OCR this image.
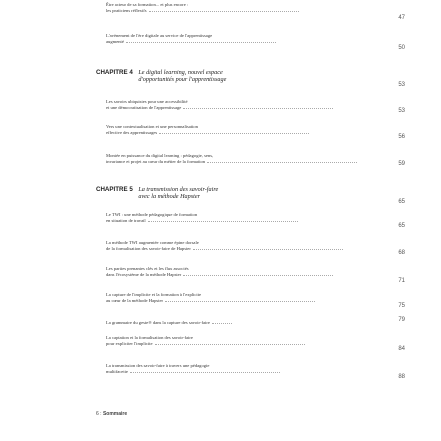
Être acteur de sa formation... et plus encore :
les praticiens réflexifs
47
L'avènement de l'ère digitale au service de l'apprentissage
augmenté
50
CHAPITRE 4 Le digital learning, nouvel espace
d'opportunités pour l'apprentissage
53
Les savoirs ubiquistes pour une accessibilité
et une démocratisation de l'apprentissage
53
Vers une contextualisation et une personnalisation
effective des apprentissages
56
Montée en puissance du digital learning : pédagogie, sens,
invariance et projet au cœur du métier de la formation	59
CHAPITRE 5 La transmission des savoir-faire
avec la méthode Hapster
65
Le TWI : une méthode pédagogique de formation
en situation de travail
65
La méthode TWI augmentée comme épine dorsale
de la formalisation des savoir-faire de Hapster
68
Les parties prenantes clés et les flux associés
dans l'écosystème de la méthode Hapster
71
La capture de l'implicite et la formation à l'explicite
au cœur de la méthode Hapster
75
La grammaire du geste® dans la capture des savoir-faire	79
La captation et la formalisation des savoir-faire
pour expliciter l'implicite
84
La transmission des savoir-faire à travers une pédagogie
multifacette
88
6 : Sommaire
